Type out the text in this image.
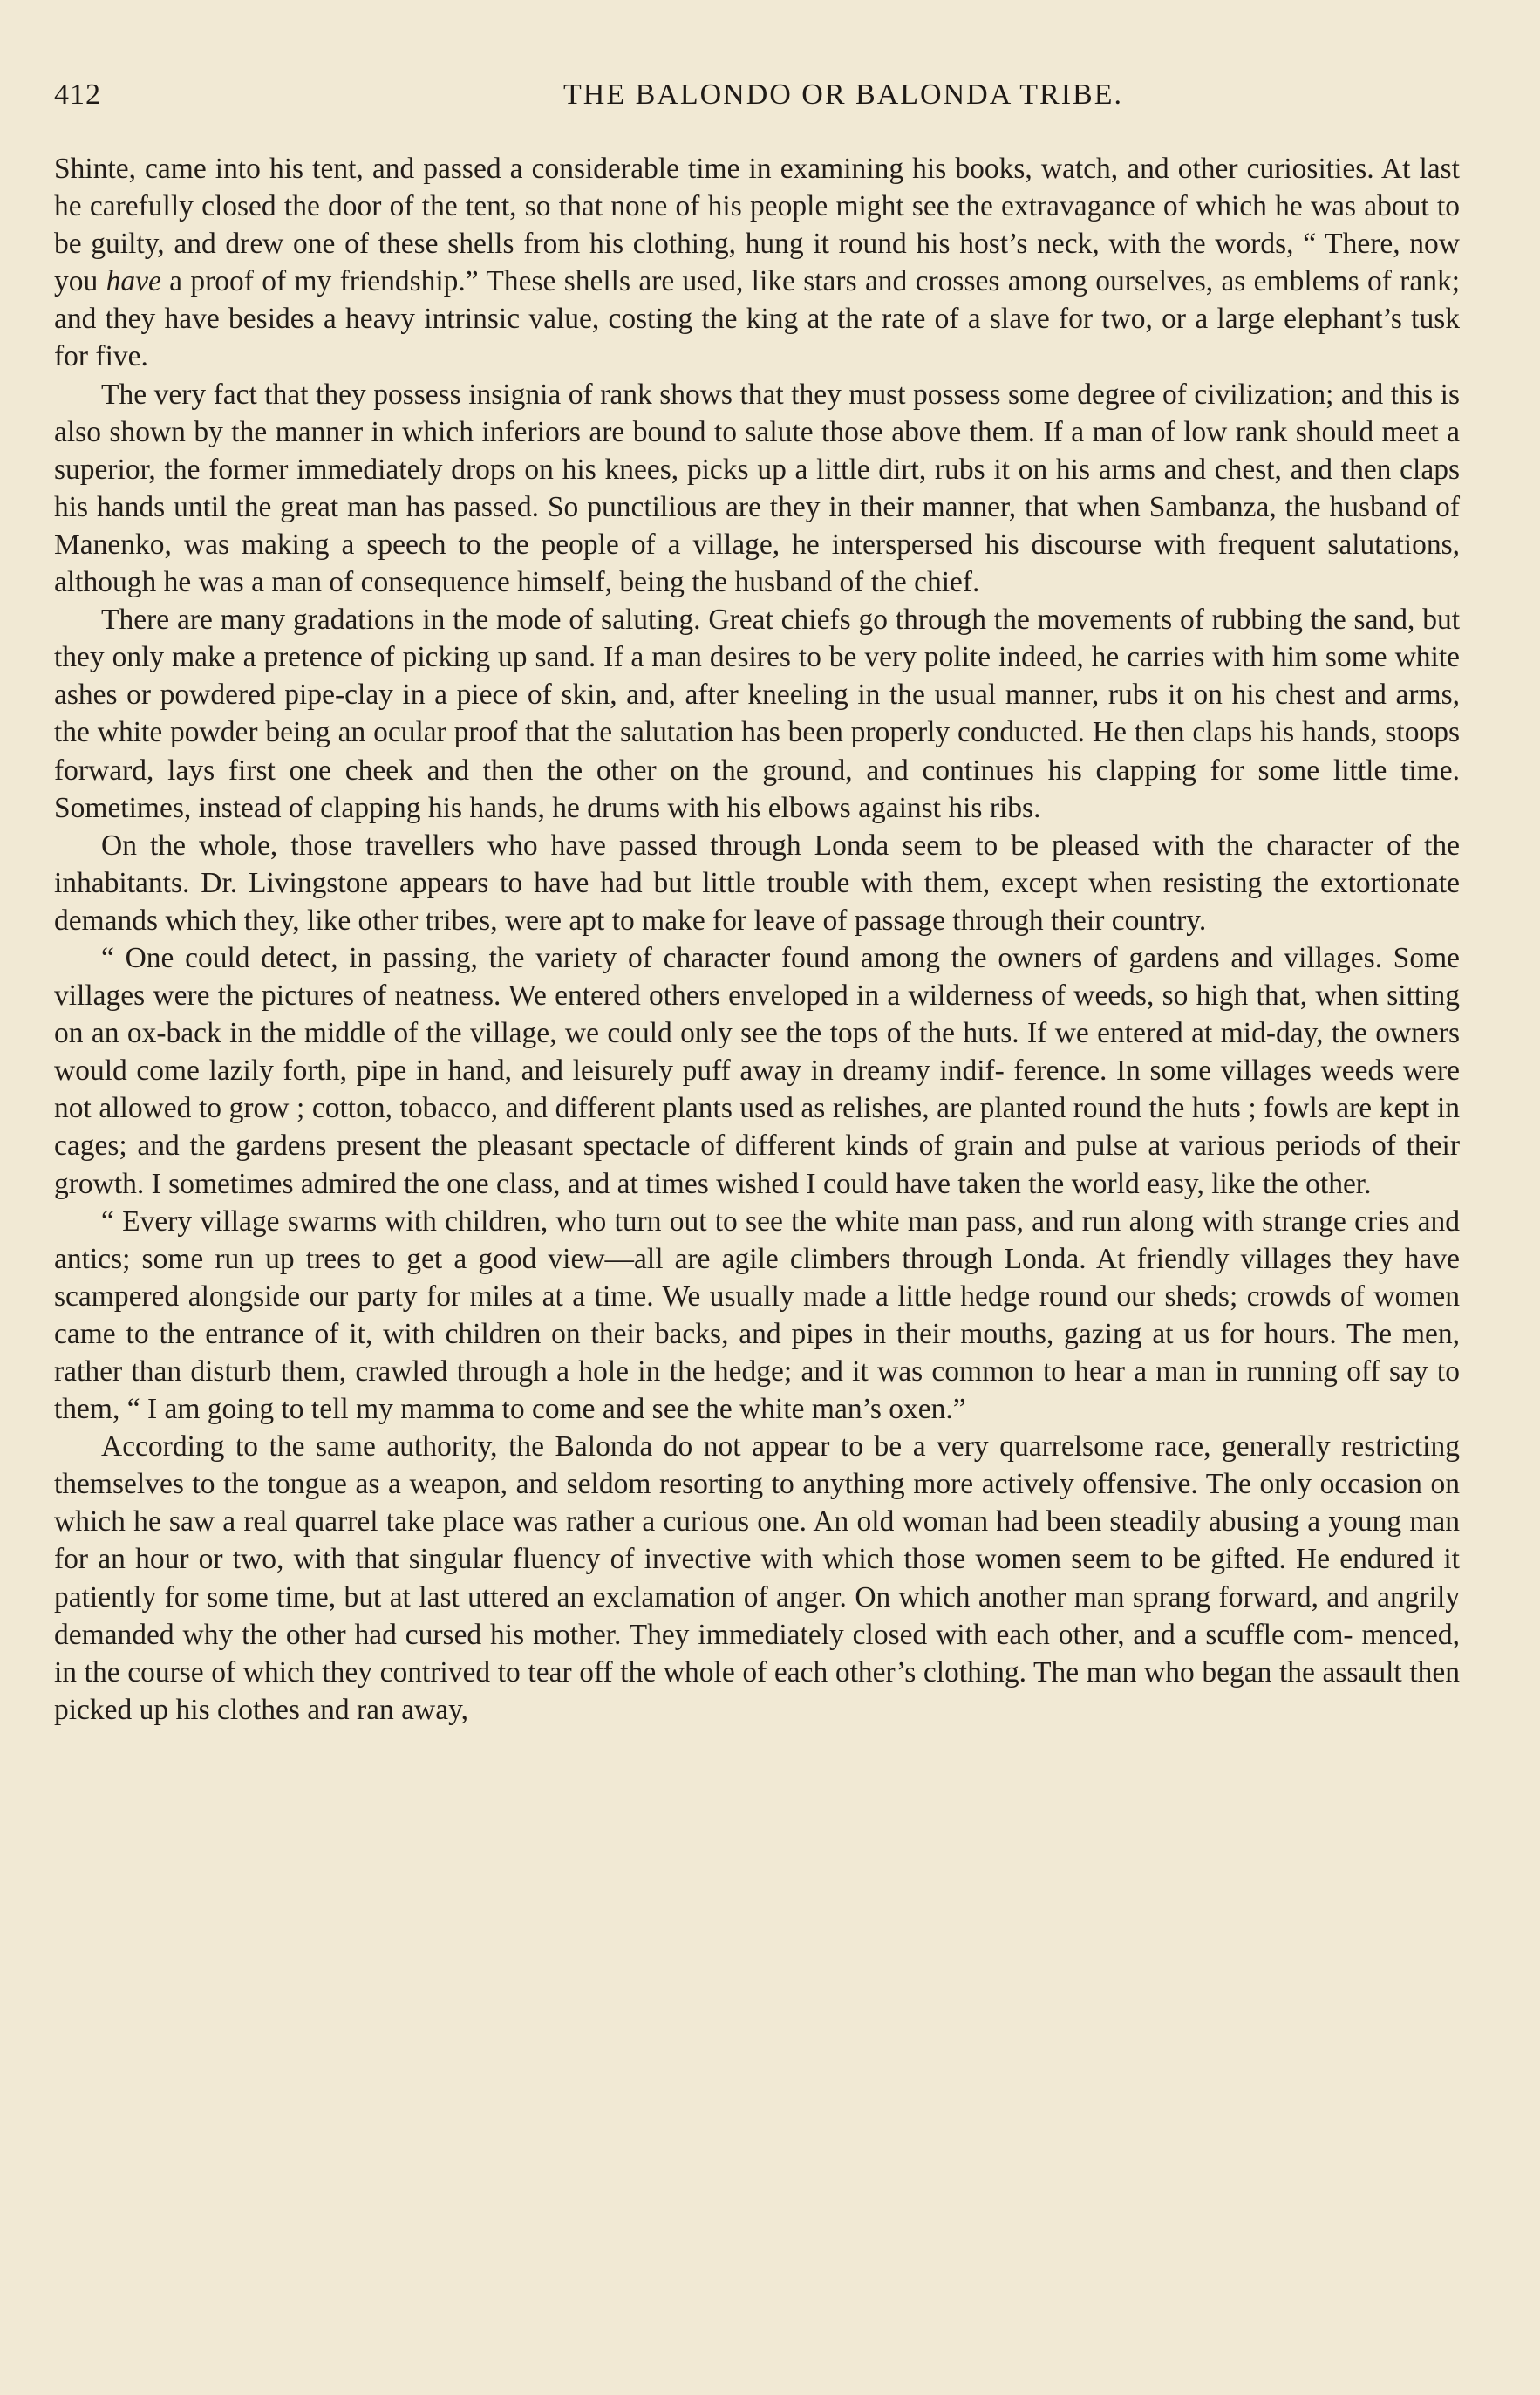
412	THE BALONDO OR BALONDA TRIBE.

Shinte, came into his tent, and passed a considerable time in examining his books, watch, and other curiosities. At last he carefully closed the door of the tent, so that none of his people might see the extravagance of which he was about to be guilty, and drew one of these shells from his clothing, hung it round his host’s neck, with the words, “ There, now you have a proof of my friendship.” These shells are used, like stars and crosses among ourselves, as emblems of rank; and they have besides a heavy intrinsic value, costing the king at the rate of a slave for two, or a large elephant’s tusk for five.

The very fact that they possess insignia of rank shows that they must possess some degree of civilization; and this is also shown by the manner in which inferiors are bound to salute those above them. If a man of low rank should meet a superior, the former immediately drops on his knees, picks up a little dirt, rubs it on his arms and chest, and then claps his hands until the great man has passed. So punctilious are they in their manner, that when Sambanza, the husband of Manenko, was making a speech to the people of a village, he interspersed his discourse with frequent salutations, although he was a man of consequence himself, being the husband of the chief.

There are many gradations in the mode of saluting. Great chiefs go through the movements of rubbing the sand, but they only make a pretence of picking up sand. If a man desires to be very polite indeed, he carries with him some white ashes or powdered pipe-clay in a piece of skin, and, after kneeling in the usual manner, rubs it on his chest and arms, the white powder being an ocular proof that the salutation has been properly conducted. He then claps his hands, stoops forward, lays first one cheek and then the other on the ground, and continues his clapping for some little time. Sometimes, instead of clapping his hands, he drums with his elbows against his ribs.

On the whole, those travellers who have passed through Londa seem to be pleased with the character of the inhabitants. Dr. Livingstone appears to have had but little trouble with them, except when resisting the extortionate demands which they, like other tribes, were apt to make for leave of passage through their country.

“ One could detect, in passing, the variety of character found among the owners of gardens and villages. Some villages were the pictures of neatness. We entered others enveloped in a wilderness of weeds, so high that, when sitting on an ox-back in the middle of the village, we could only see the tops of the huts. If we entered at mid-day, the owners would come lazily forth, pipe in hand, and leisurely puff away in dreamy indif- ference. In some villages weeds were not allowed to grow ; cotton, tobacco, and different plants used as relishes, are planted round the huts ; fowls are kept in cages; and the gardens present the pleasant spectacle of different kinds of grain and pulse at various periods of their growth. I sometimes admired the one class, and at times wished I could have taken the world easy, like the other.

“ Every village swarms with children, who turn out to see the white man pass, and run along with strange cries and antics; some run up trees to get a good view—all are agile climbers through Londa. At friendly villages they have scampered alongside our party for miles at a time. We usually made a little hedge round our sheds; crowds of women came to the entrance of it, with children on their backs, and pipes in their mouths, gazing at us for hours. The men, rather than disturb them, crawled through a hole in the hedge; and it was common to hear a man in running off say to them, “ I am going to tell my mamma to come and see the white man’s oxen.”

According to the same authority, the Balonda do not appear to be a very quarrelsome race, generally restricting themselves to the tongue as a weapon, and seldom resorting to anything more actively offensive. The only occasion on which he saw a real quarrel take place was rather a curious one. An old woman had been steadily abusing a young man for an hour or two, with that singular fluency of invective with which those women seem to be gifted. He endured it patiently for some time, but at last uttered an exclamation of anger. On which another man sprang forward, and angrily demanded why the other had cursed his mother. They immediately closed with each other, and a scuffle com- menced, in the course of which they contrived to tear off the whole of each other’s clothing. The man who began the assault then picked up his clothes and ran away,
